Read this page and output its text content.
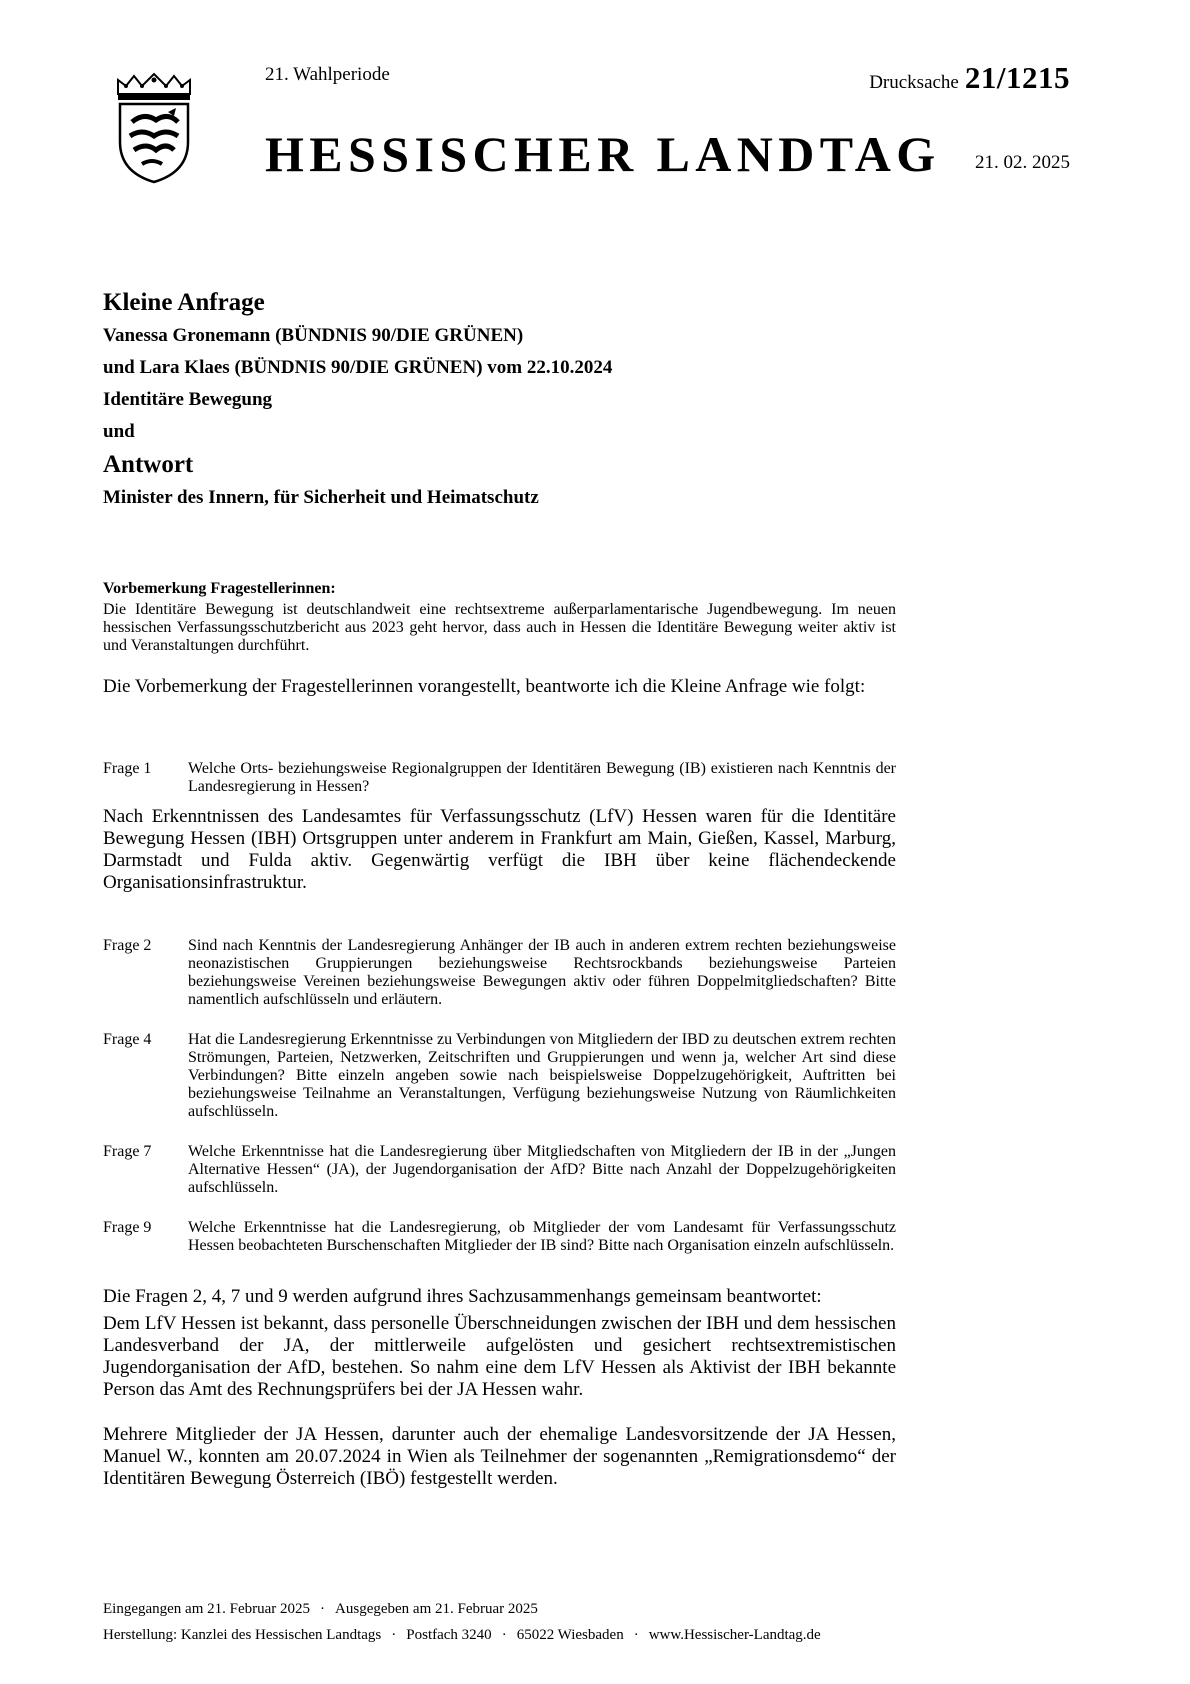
21. Wahlperiode	Drucksache 21/1215
HESSISCHER LANDTAG 21. 02. 2025
Kleine Anfrage
Vanessa Gronemann (BÜNDNIS 90/DIE GRÜNEN)
und Lara Klaes (BÜNDNIS 90/DIE GRÜNEN) vom 22.10.2024
Identitäre Bewegung
und
Antwort
Minister des Innern, für Sicherheit und Heimatschutz
Vorbemerkung Fragestellerinnen:
Die Identitäre Bewegung ist deutschlandweit eine rechtsextreme außerparlamentarische Jugendbewegung. Im neuen hessischen Verfassungsschutzbericht aus 2023 geht hervor, dass auch in Hessen die Identitäre Bewegung weiter aktiv ist und Veranstaltungen durchführt.
Die Vorbemerkung der Fragestellerinnen vorangestellt, beantworte ich die Kleine Anfrage wie folgt:
Frage 1 Welche Orts- beziehungsweise Regionalgruppen der Identitären Bewegung (IB) existieren nach Kenntnis der Landesregierung in Hessen?
Nach Erkenntnissen des Landesamtes für Verfassungsschutz (LfV) Hessen waren für die Identitäre Bewegung Hessen (IBH) Ortsgruppen unter anderem in Frankfurt am Main, Gießen, Kassel, Marburg, Darmstadt und Fulda aktiv. Gegenwärtig verfügt die IBH über keine flächendeckende Organisationsinfrastruktur.
Frage 2 Sind nach Kenntnis der Landesregierung Anhänger der IB auch in anderen extrem rechten beziehungsweise neonazistischen Gruppierungen beziehungsweise Rechtsrockbands beziehungsweise Parteien beziehungsweise Vereinen beziehungsweise Bewegungen aktiv oder führen Doppelmitgliedschaften? Bitte namentlich aufschlüsseln und erläutern.
Frage 4 Hat die Landesregierung Erkenntnisse zu Verbindungen von Mitgliedern der IBD zu deutschen extrem rechten Strömungen, Parteien, Netzwerken, Zeitschriften und Gruppierungen und wenn ja, welcher Art sind diese Verbindungen? Bitte einzeln angeben sowie nach beispielsweise Doppelzugehörigkeit, Auftritten bei beziehungsweise Teilnahme an Veranstaltungen, Verfügung beziehungsweise Nutzung von Räumlichkeiten aufschlüsseln.
Frage 7 Welche Erkenntnisse hat die Landesregierung über Mitgliedschaften von Mitgliedern der IB in der „Jungen Alternative Hessen“ (JA), der Jugendorganisation der AfD? Bitte nach Anzahl der Doppelzugehörigkeiten aufschlüsseln.
Frage 9 Welche Erkenntnisse hat die Landesregierung, ob Mitglieder der vom Landesamt für Verfassungsschutz Hessen beobachteten Burschenschaften Mitglieder der IB sind? Bitte nach Organisation einzeln aufschlüsseln.
Die Fragen 2, 4, 7 und 9 werden aufgrund ihres Sachzusammenhangs gemeinsam beantwortet:
Dem LfV Hessen ist bekannt, dass personelle Überschneidungen zwischen der IBH und dem hessischen Landesverband der JA, der mittlerweile aufgelösten und gesichert rechtsextremistischen Jugendorganisation der AfD, bestehen. So nahm eine dem LfV Hessen als Aktivist der IBH bekannte Person das Amt des Rechnungsprüfers bei der JA Hessen wahr.
Mehrere Mitglieder der JA Hessen, darunter auch der ehemalige Landesvorsitzende der JA Hessen, Manuel W., konnten am 20.07.2024 in Wien als Teilnehmer der sogenannten „Remigrationsdemo“ der Identitären Bewegung Österreich (IBÖ) festgestellt werden.
Eingegangen am 21. Februar 2025 · Ausgegeben am 21. Februar 2025
Herstellung: Kanzlei des Hessischen Landtags · Postfach 3240 · 65022 Wiesbaden · www.Hessischer-Landtag.de
